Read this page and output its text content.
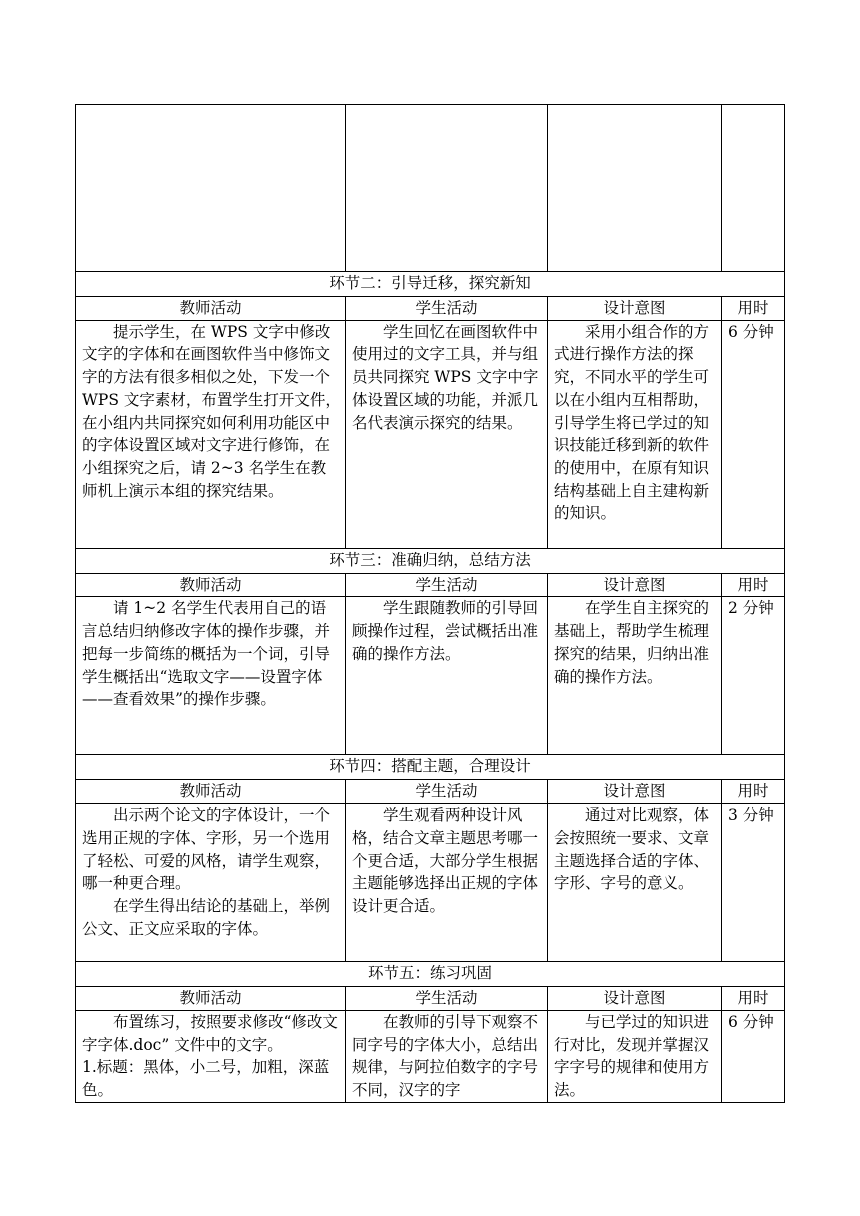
环节二：引导迁移，探究新知			
教师活动	学生活动	设计意图	用时

提示学生，在 WPS 文字中修改文字的字体和在画图软件当中修饰文字的方法有很多相似之处，下发一个 WPS 文字素材，布置学生打开文件，在小组内共同探究如何利用功能区中的字体设置区域对文字进行修饰，在小组探究之后，请 2~3 名学生在教师机上演示本组的探究结果。	学生回忆在画图软件中使用过的文字工具，并与组员共同探究 WPS 文字中字体设置区域的功能，并派几名代表演示探究的结果。	采用小组合作的方式进行操作方法的探究，不同水平的学生可以在小组内互相帮助，引导学生将已学过的知识技能迁移到新的软件的使用中，在原有知识结构基础上自主建构新的知识。	6 分钟
环节三：准确归纳，总结方法			
教师活动	学生活动	设计意图	用时

请 1~2 名学生代表用自己的语言总结归纳修改字体的操作步骤，并把每一步简练的概括为一个词，引导学生概括出“选取文字——设置字体——查看效果”的操作步骤。	学生跟随教师的引导回顾操作过程，尝试概括出准确的操作方法。	在学生自主探究的基础上，帮助学生梳理探究的结果，归纳出准确的操作方法。	2 分钟
环节四：搭配主题，合理设计			
教师活动	学生活动	设计意图	用时

出示两个论文的字体设计，一个选用正规的字体、字形，另一个选用了轻松、可爱的风格，请学生观察，哪一种更合理。
在学生得出结论的基础上，举例公文、正文应采取的字体。	学生观看两种设计风格，结合文章主题思考哪一个更合适，大部分学生根据主题能够选择出正规的字体设计更合适。	通过对比观察，体会按照统一要求、文章主题选择合适的字体、字形、字号的意义。	3 分钟
环节五：练习巩固			
教师活动	学生活动	设计意图	用时

布置练习，按照要求修改“修改文字字体.doc” 文件中的文字。
1.标题：黑体，小二号，加粗，深蓝色。	在教师的引导下观察不同字号的字体大小，总结出规律，与阿拉伯数字的字号不同，汉字的字	与已学过的知识进行对比，发现并掌握汉字字号的规律和使用方法。	6 分钟
